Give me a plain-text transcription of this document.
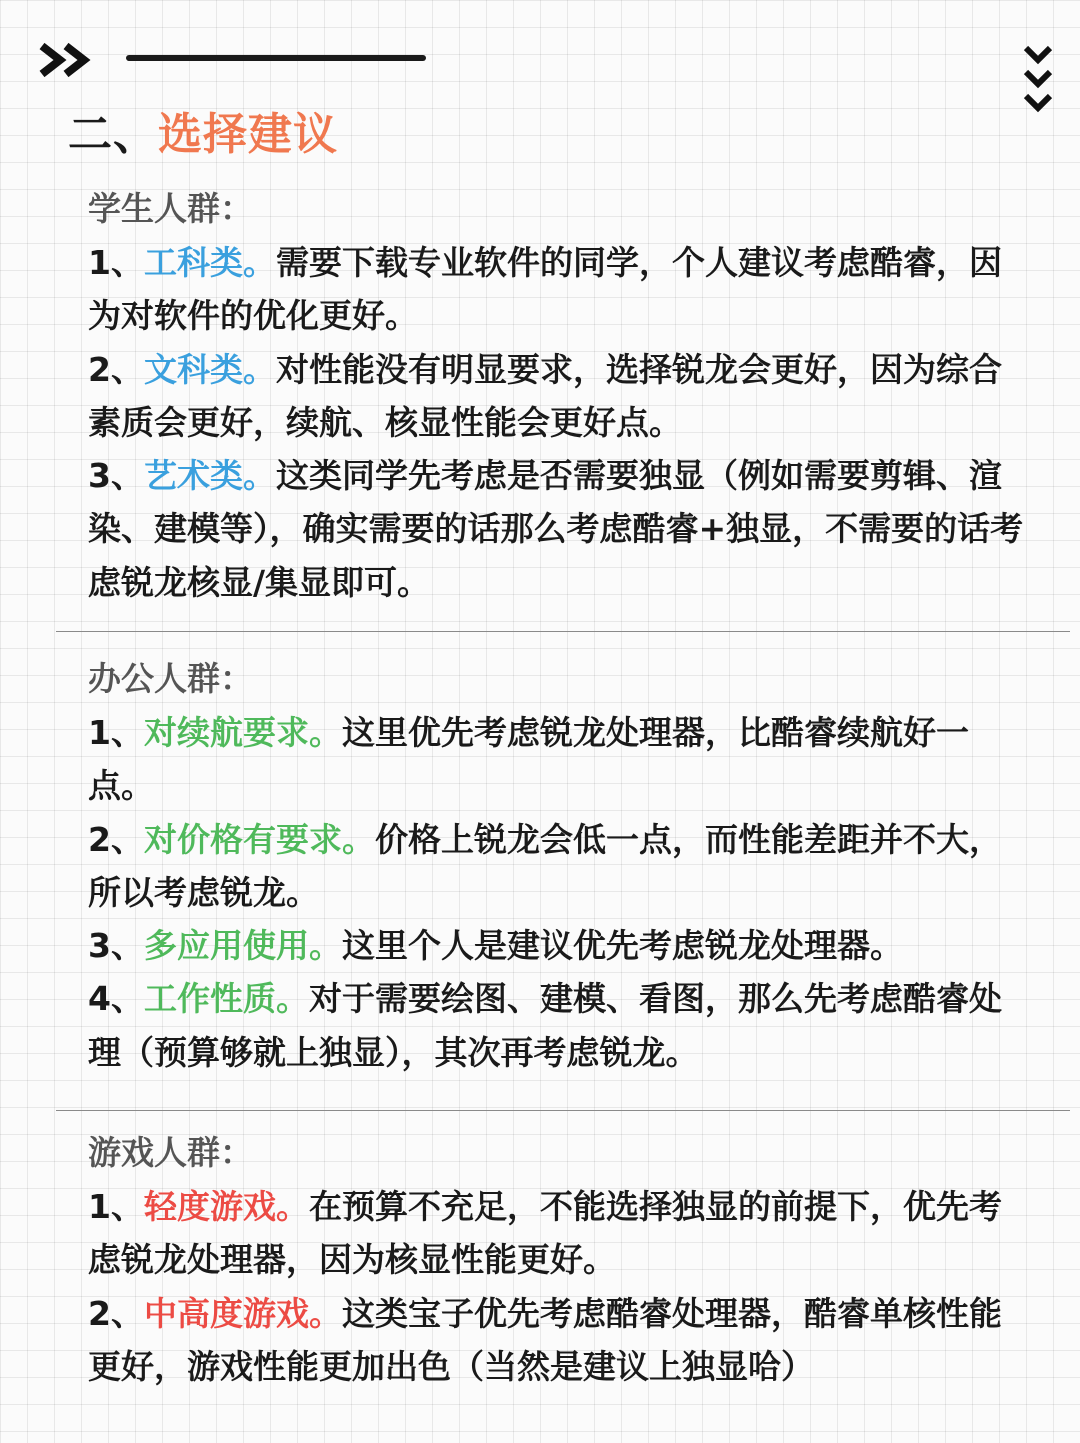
二、选择建议
学生人群：
1、工科类。需要下载专业软件的同学，个人建议考虑酷睿，因为对软件的优化更好。
2、文科类。对性能没有明显要求，选择锐龙会更好，因为综合素质会更好，续航、核显性能会更好点。
3、艺术类。这类同学先考虑是否需要独显（例如需要剪辑、渲染、建模等），确实需要的话那么考虑酷睿+独显，不需要的话考虑锐龙核显/集显即可。
办公人群：
1、对续航要求。这里优先考虑锐龙处理器，比酷睿续航好一点。
2、对价格有要求。价格上锐龙会低一点，而性能差距并不大，所以考虑锐龙。
3、多应用使用。这里个人是建议优先考虑锐龙处理器。
4、工作性质。对于需要绘图、建模、看图，那么先考虑酷睿处理（预算够就上独显），其次再考虑锐龙。
游戏人群：
1、轻度游戏。在预算不充足，不能选择独显的前提下，优先考虑锐龙处理器，因为核显性能更好。
2、中高度游戏。这类宝子优先考虑酷睿处理器，酷睿单核性能更好，游戏性能更加出色（当然是建议上独显哈）
